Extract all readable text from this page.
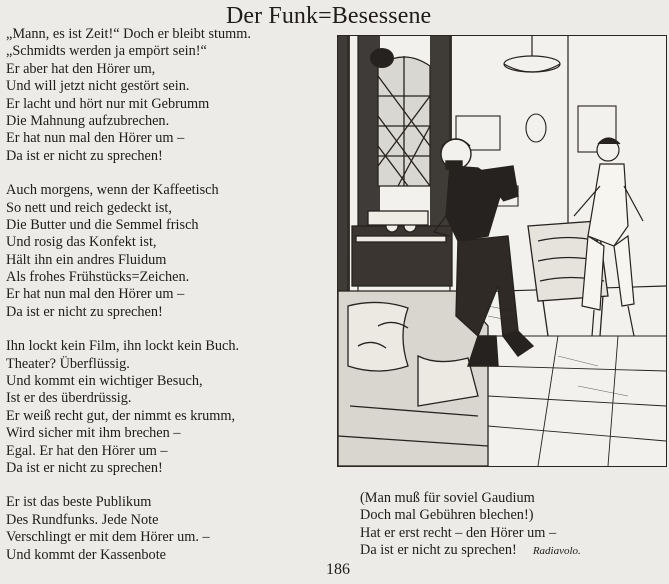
Der Funk=Besessene
„Mann, es ist Zeit!“ Doch er bleibt stumm.
„Schmidts werden ja empört sein!“
Er aber hat den Hörer um,
Und will jetzt nicht gestört sein.
Er lacht und hört nur mit Gebrumm
Die Mahnung aufzubrechen.
Er hat nun mal den Hörer um –
Da ist er nicht zu sprechen!
Auch morgens, wenn der Kaffeetisch
So nett und reich gedeckt ist,
Die Butter und die Semmel frisch
Und rosig das Konfekt ist,
Hält ihn ein andres Fluidum
Als frohes Frühstücks=Zeichen.
Er hat nun mal den Hörer um –
Da ist er nicht zu sprechen!
Ihn lockt kein Film, ihn lockt kein Buch.
Theater? Überflüssig.
Und kommt ein wichtiger Besuch,
Ist er des überdrüssig.
Er weiß recht gut, der nimmt es krumm,
Wird sicher mit ihm brechen –
Egal. Er hat den Hörer um –
Da ist er nicht zu sprechen!
Er ist das beste Publikum
Des Rundfunks. Jede Note
Verschlingt er mit dem Hörer um. –
Und kommt der Kassenbote
(Man muß für soviel Gaudium
Doch mal Gebühren blechen!)
Hat er erst recht – den Hörer um –
Da ist er nicht zu sprechen! Radiavolo.
186
